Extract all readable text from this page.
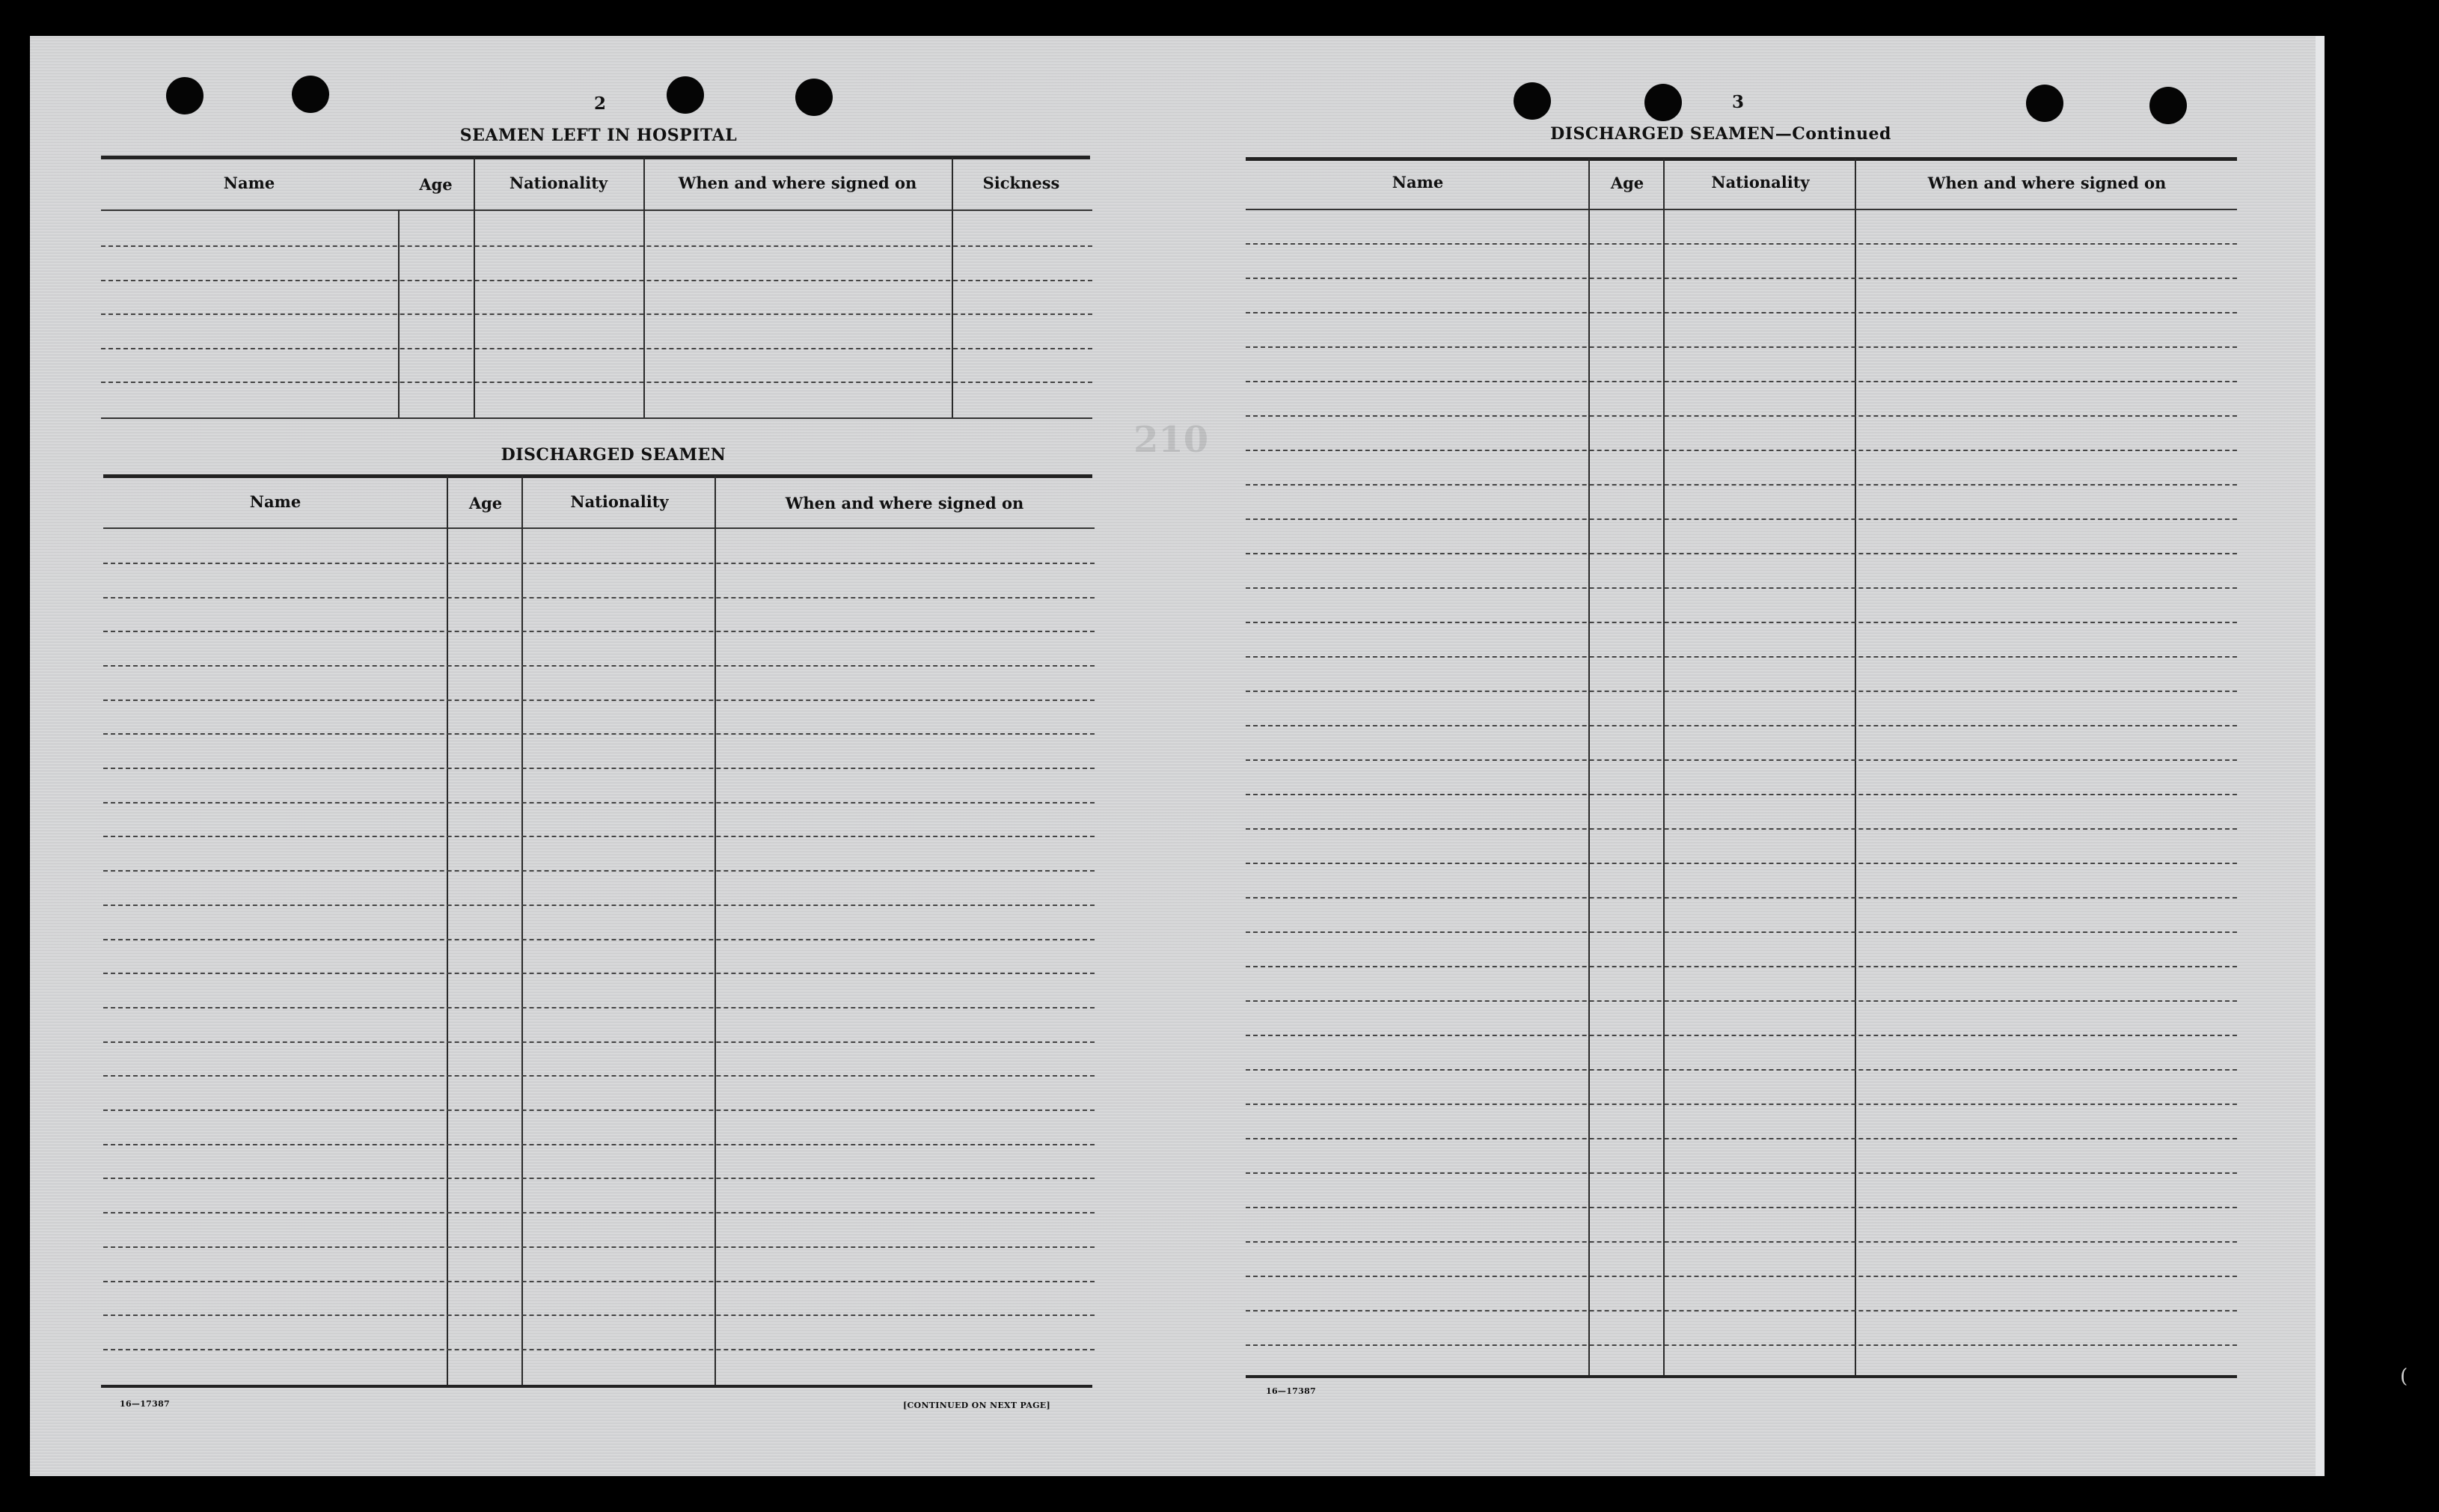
210
2
SEAMEN LEFT IN HOSPITAL
Name	Age	Nationality	When and where signed on	Sickness
DISCHARGED SEAMEN
Name	Age	Nationality	When and where signed on
16—17387	[CONTINUED ON NEXT PAGE]
3
DISCHARGED SEAMEN—Continued
Name	Age	Nationality	When and where signed on
16—17387
(
